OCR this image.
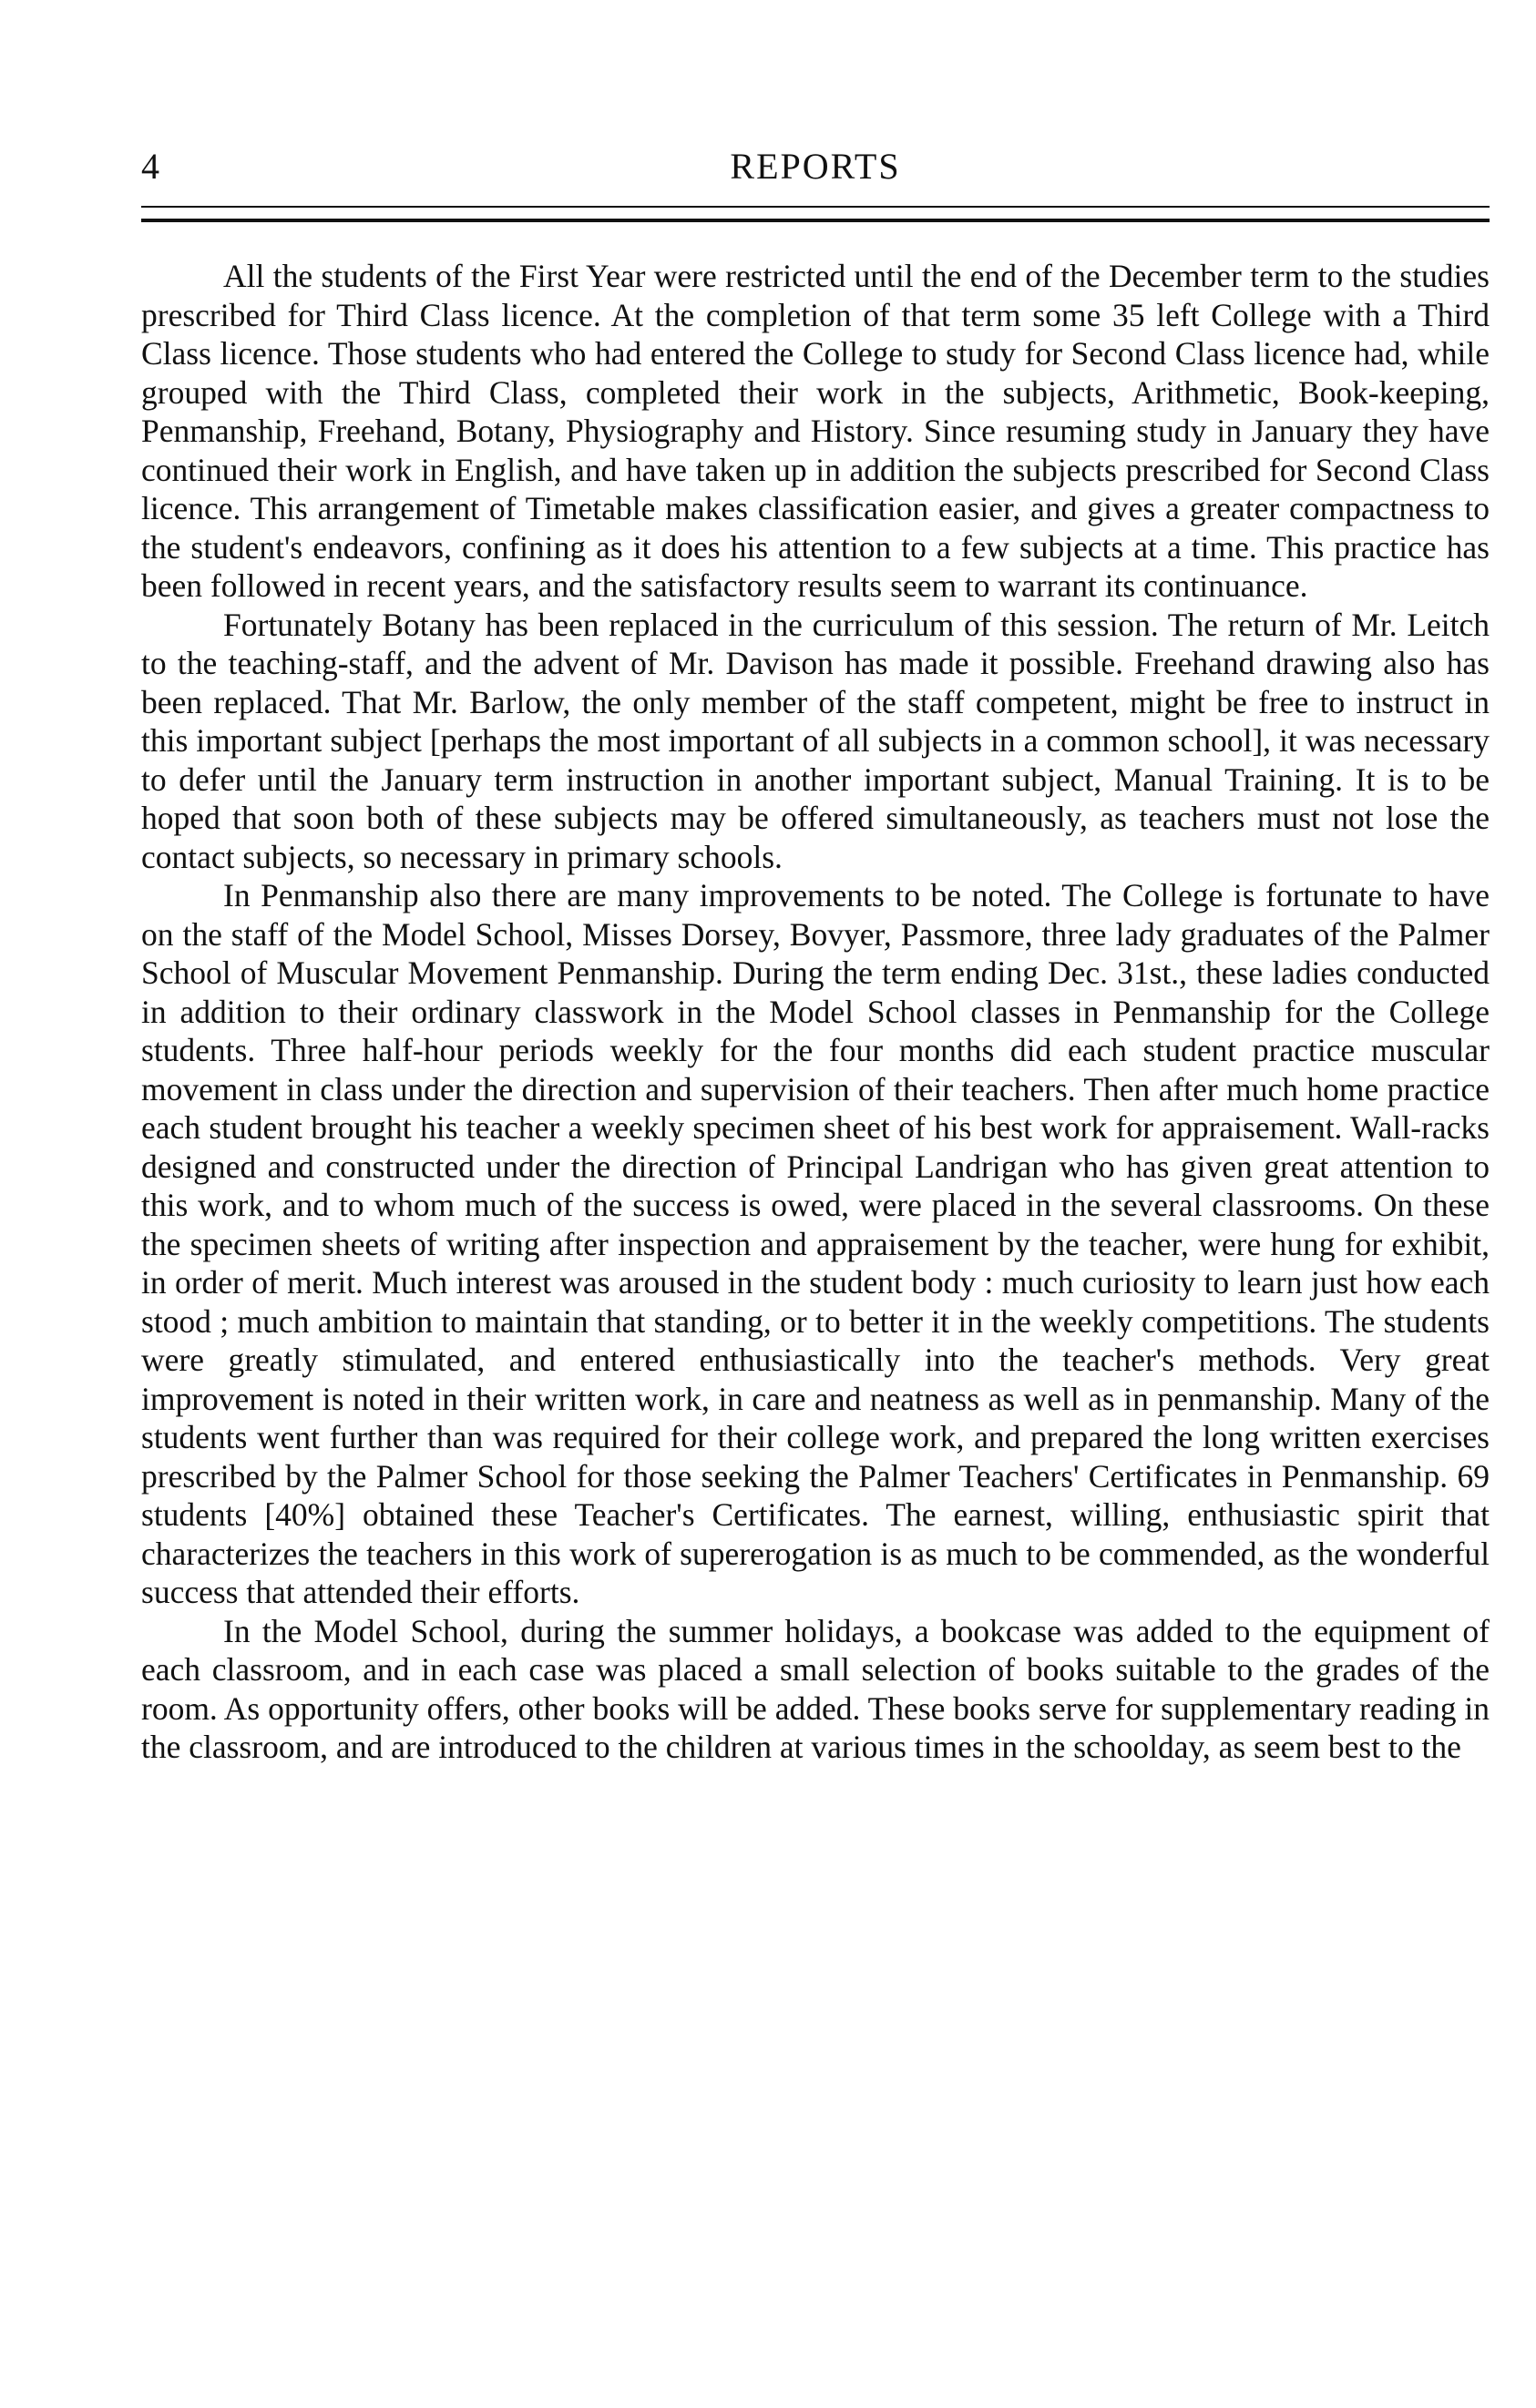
4	REPORTS

All the students of the First Year were restricted until the end of the December term to the studies prescribed for Third Class licence. At the completion of that term some 35 left College with a Third Class licence. Those students who had entered the College to study for Second Class licence had, while grouped with the Third Class, completed their work in the subjects, Arithmetic, Book-keeping, Penmanship, Freehand, Botany, Physiography and History. Since resuming study in January they have continued their work in English, and have taken up in addition the subjects prescribed for Second Class licence. This arrangement of Timetable makes classification easier, and gives a greater compactness to the student's endeavors, confining as it does his attention to a few subjects at a time. This practice has been followed in recent years, and the satisfactory results seem to warrant its continuance.

Fortunately Botany has been replaced in the curriculum of this session. The return of Mr. Leitch to the teaching-staff, and the advent of Mr. Davison has made it possible. Freehand drawing also has been replaced. That Mr. Barlow, the only member of the staff competent, might be free to instruct in this important subject [perhaps the most important of all subjects in a common school], it was necessary to defer until the January term instruction in another important subject, Manual Training. It is to be hoped that soon both of these subjects may be offered simultaneously, as teachers must not lose the contact subjects, so necessary in primary schools.

In Penmanship also there are many improvements to be noted. The College is fortunate to have on the staff of the Model School, Misses Dorsey, Bovyer, Passmore, three lady graduates of the Palmer School of Muscular Movement Penmanship. During the term ending Dec. 31st., these ladies conducted in addition to their ordinary classwork in the Model School classes in Penmanship for the College students. Three half-hour periods weekly for the four months did each student practice muscular movement in class under the direction and supervision of their teachers. Then after much home practice each student brought his teacher a weekly specimen sheet of his best work for appraisement. Wall-racks designed and constructed under the direction of Principal Landrigan who has given great attention to this work, and to whom much of the success is owed, were placed in the several classrooms. On these the specimen sheets of writing after inspection and appraisement by the teacher, were hung for exhibit, in order of merit. Much interest was aroused in the student body : much curiosity to learn just how each stood ; much ambition to maintain that standing, or to better it in the weekly competitions. The students were greatly stimulated, and entered enthusiastically into the teacher's methods. Very great improvement is noted in their written work, in care and neatness as well as in penmanship. Many of the students went further than was required for their college work, and prepared the long written exercises prescribed by the Palmer School for those seeking the Palmer Teachers' Certificates in Penmanship. 69 students [40%] obtained these Teacher's Certificates. The earnest, willing, enthusiastic spirit that characterizes the teachers in this work of supererogation is as much to be commended, as the wonderful success that attended their efforts.

In the Model School, during the summer holidays, a bookcase was added to the equipment of each classroom, and in each case was placed a small selection of books suitable to the grades of the room. As opportunity offers, other books will be added. These books serve for supplementary reading in the classroom, and are introduced to the children at various times in the schoolday, as seem best to the
